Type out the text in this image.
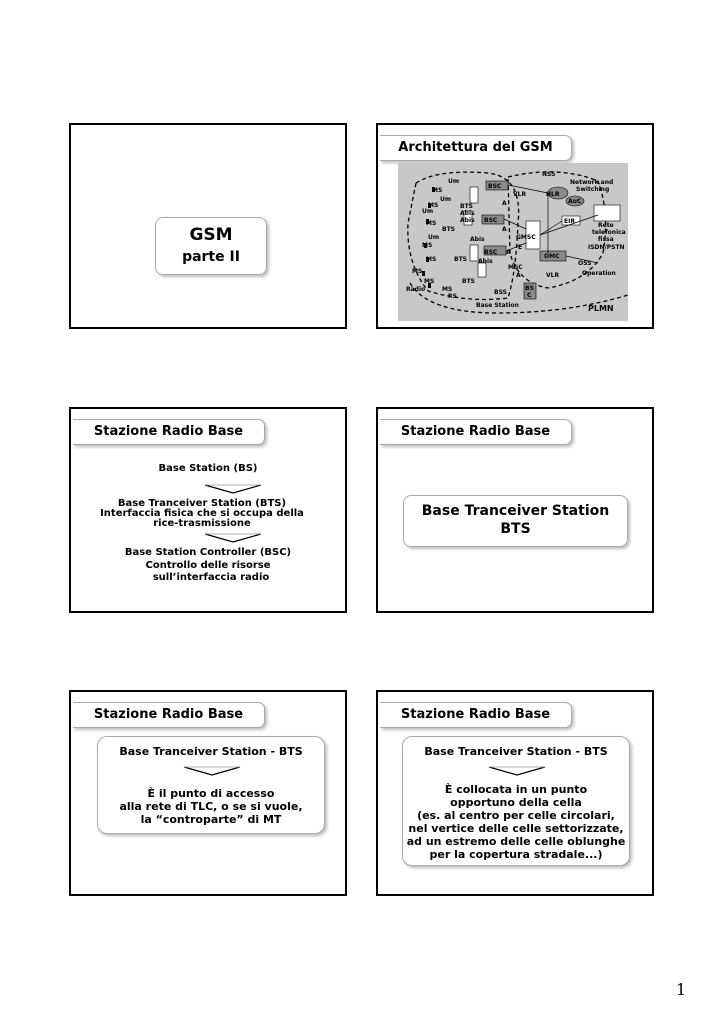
GSM
parte II
Architettura del GSM
NSS
Network and
Switching
Um
MS
Um
MS
Um
BTS
Abis
BSC
VLR	HLR
AuC
A
MS	Abis BSC
BTS	A
EIR
Um	Abis	GMSC
Rete
telefonica
fissa
ISDN/PSTN
MS
BSC A
E
OMC
MS	BTS Abis	OSS
MS
MSC
VLR	Operation
A
MS	BTS
Radio	MS
RS
BSS
BS
C
Base Station	PLMN
Stazione Radio Base
Base Station (BS)
Base Tranceiver Station (BTS)
Interfaccia fisica che si occupa della
rice-trasmissione
Base Station Controller (BSC)
Controllo delle risorse
sull’interfaccia radio
Stazione Radio Base
Base Tranceiver Station
BTS
Stazione Radio Base
Base Tranceiver Station - BTS
È il punto di accesso
alla rete di TLC, o se si vuole,
la “controparte” di MT
Stazione Radio Base
Base Tranceiver Station - BTS
È collocata in un punto
opportuno della cella
(es. al centro per celle circolari,
nel vertice delle celle settorizzate,
ad un estremo delle celle oblunghe
per la copertura stradale...)
1
